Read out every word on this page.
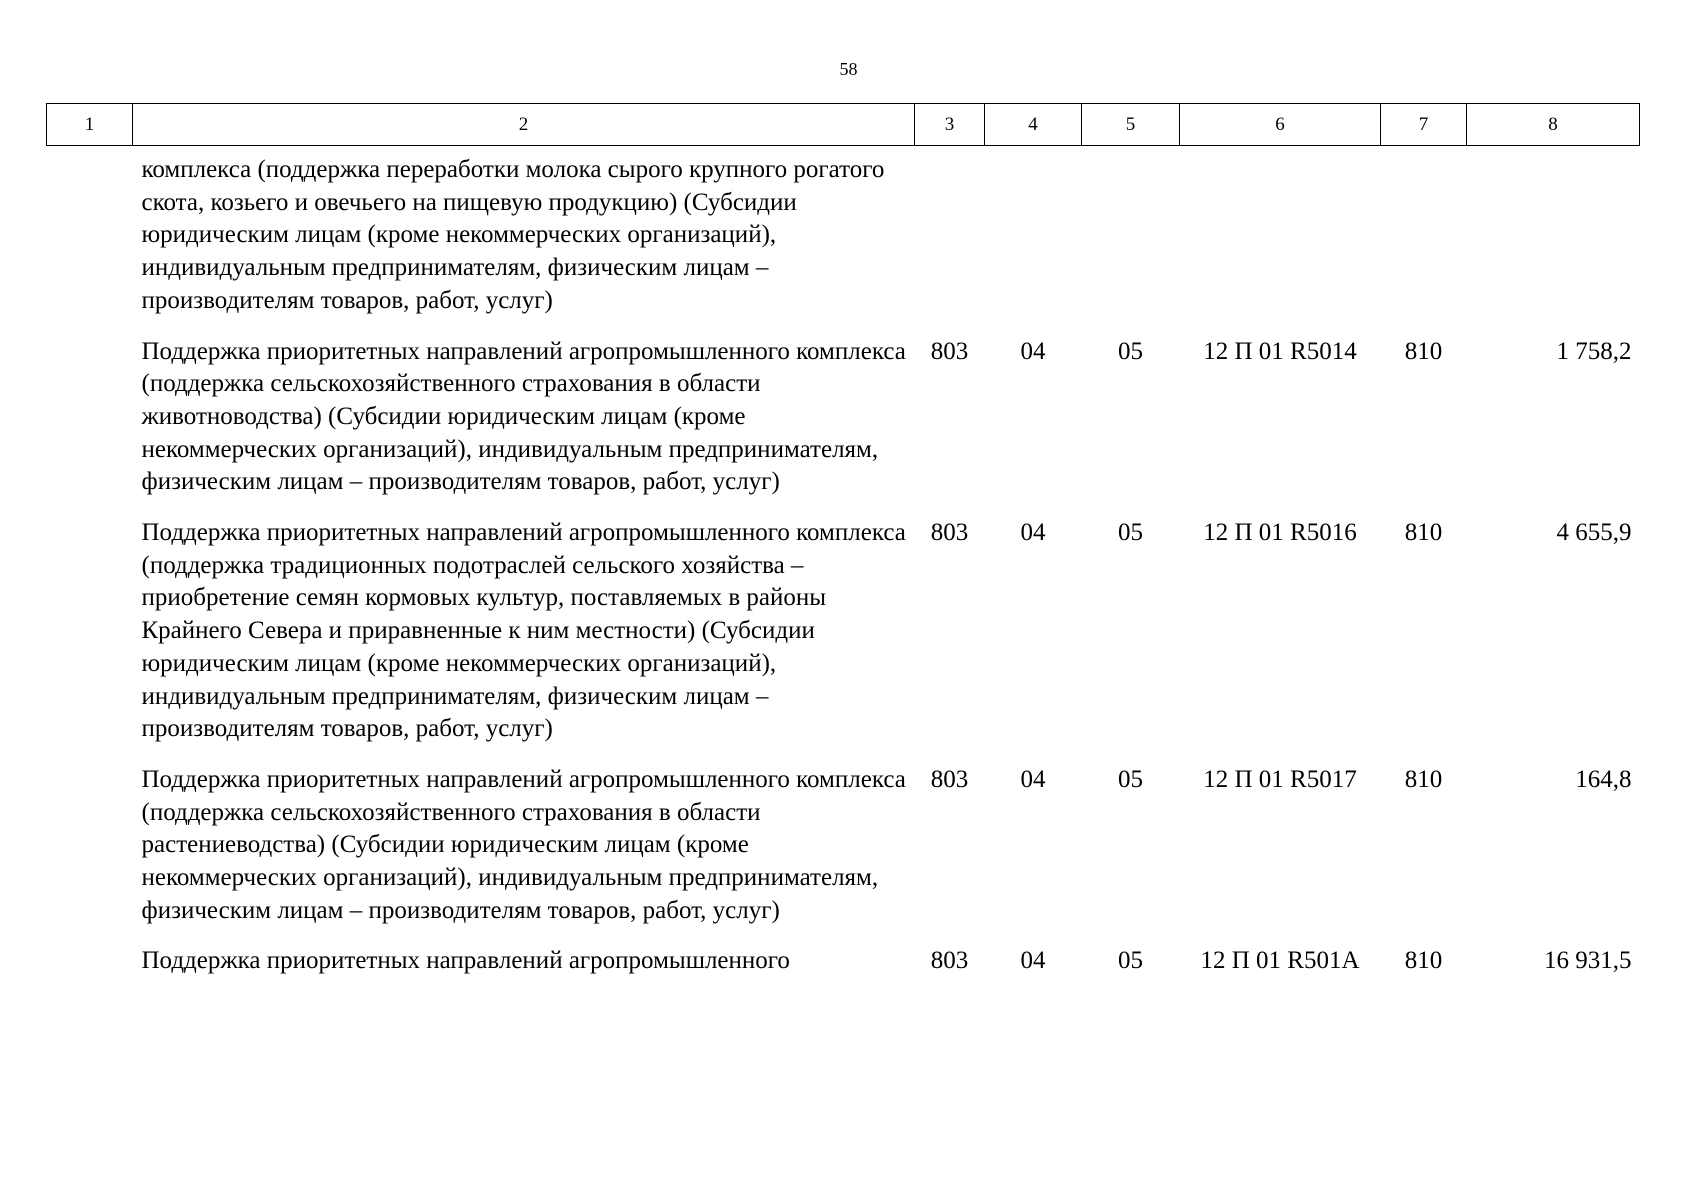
58
1	2	3	4	5	6	7	8
	комплекса (поддержка переработки молока сырого крупного рогатого скота, козьего и овечьего на пищевую продукцию) (Субсидии юридическим лицам (кроме некоммерческих организаций), индивидуальным предпринимателям, физическим лицам – производителям товаров, работ, услуг)						
	Поддержка приоритетных направлений агропромышленного комплекса (поддержка сельскохозяйственного страхования в области животноводства) (Субсидии юридическим лицам (кроме некоммерческих организаций), индивидуальным предпринимателям, физическим лицам – производителям товаров, работ, услуг)	803	04	05	12 П 01 R5014	810	1 758,2
	Поддержка приоритетных направлений агропромышленного комплекса (поддержка традиционных подотраслей сельского хозяйства – приобретение семян кормовых культур, поставляемых в районы Крайнего Севера и приравненные к ним местности) (Субсидии юридическим лицам (кроме некоммерческих организаций), индивидуальным предпринимателям, физическим лицам – производителям товаров, работ, услуг)	803	04	05	12 П 01 R5016	810	4 655,9
	Поддержка приоритетных направлений агропромышленного комплекса (поддержка сельскохозяйственного страхования в области растениеводства) (Субсидии юридическим лицам (кроме некоммерческих организаций), индивидуальным предпринимателям, физическим лицам – производителям товаров, работ, услуг)	803	04	05	12 П 01 R5017	810	164,8
	Поддержка приоритетных направлений агропромышленного	803	04	05	12 П 01 R501А	810	16 931,5
